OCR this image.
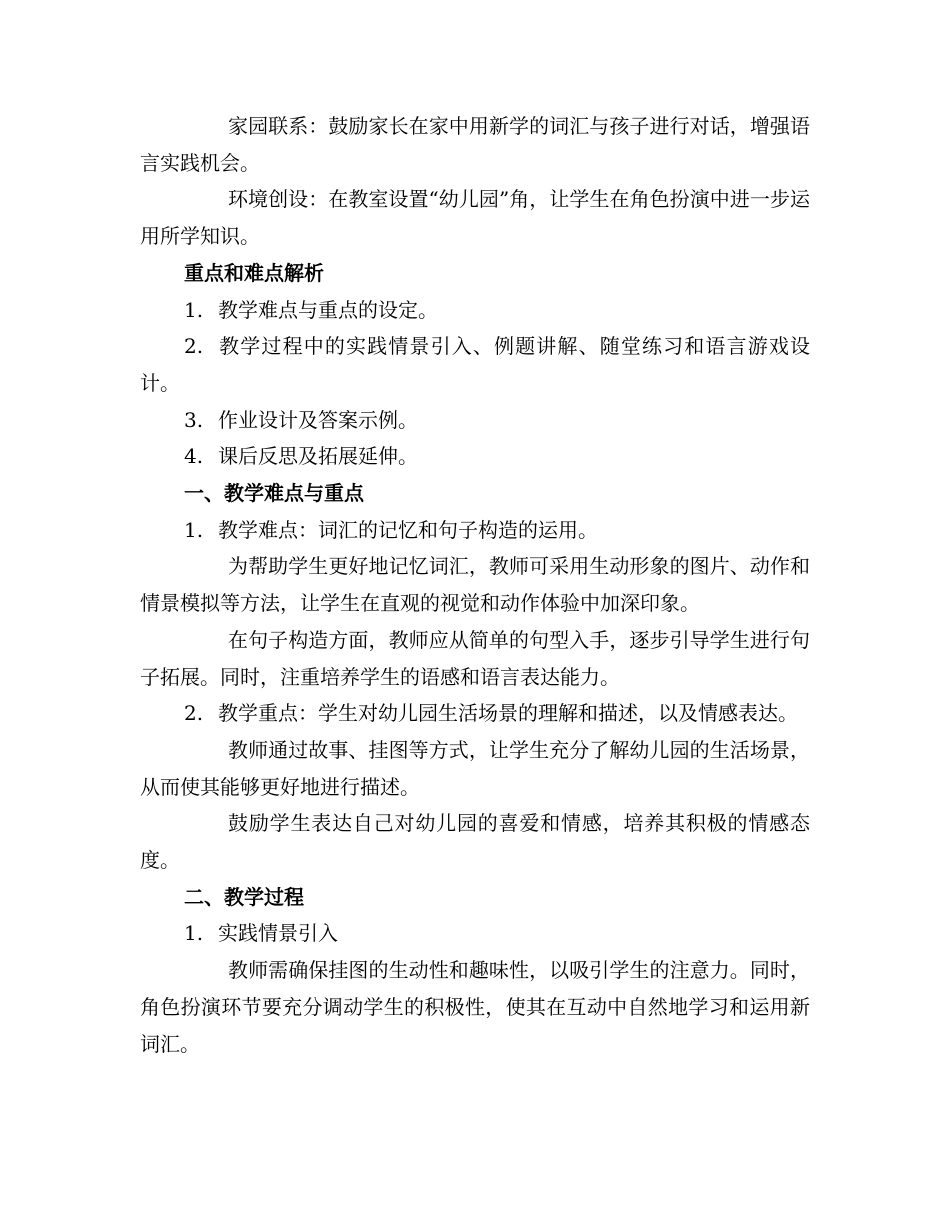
家园联系：鼓励家长在家中用新学的词汇与孩子进行对话，增强语言实践机会。

环境创设：在教室设置“幼儿园”角，让学生在角色扮演中进一步运用所学知识。

重点和难点解析

1. 教学难点与重点的设定。

2. 教学过程中的实践情景引入、例题讲解、随堂练习和语言游戏设计。

3. 作业设计及答案示例。

4. 课后反思及拓展延伸。

一、教学难点与重点

1. 教学难点：词汇的记忆和句子构造的运用。

为帮助学生更好地记忆词汇，教师可采用生动形象的图片、动作和情景模拟等方法，让学生在直观的视觉和动作体验中加深印象。

在句子构造方面，教师应从简单的句型入手，逐步引导学生进行句子拓展。同时，注重培养学生的语感和语言表达能力。

2. 教学重点：学生对幼儿园生活场景的理解和描述，以及情感表达。

教师通过故事、挂图等方式，让学生充分了解幼儿园的生活场景，从而使其能够更好地进行描述。

鼓励学生表达自己对幼儿园的喜爱和情感，培养其积极的情感态度。

二、教学过程

1. 实践情景引入

教师需确保挂图的生动性和趣味性，以吸引学生的注意力。同时，角色扮演环节要充分调动学生的积极性，使其在互动中自然地学习和运用新词汇。
